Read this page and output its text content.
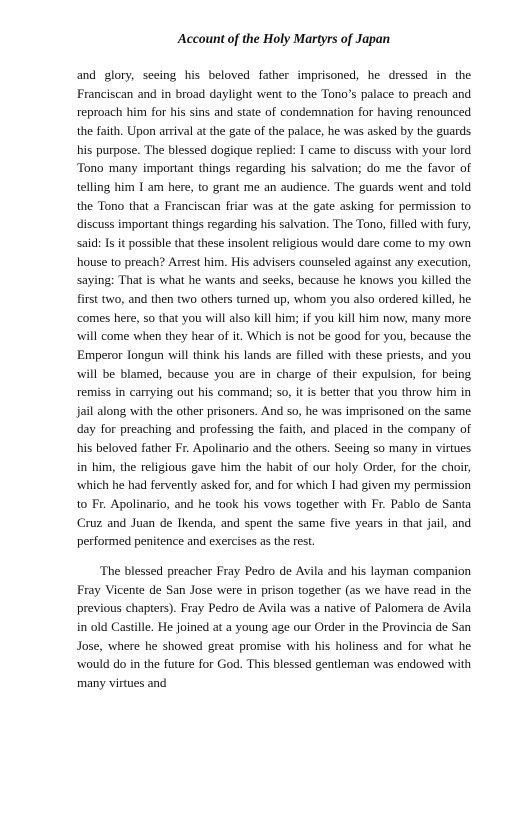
Account of the Holy Martyrs of Japan

and glory, seeing his beloved father imprisoned, he dressed in the Franciscan and in broad daylight went to the Tono’s palace to preach and reproach him for his sins and state of condemnation for having renounced the faith. Upon arrival at the gate of the palace, he was asked by the guards his purpose. The blessed dogique replied: I came to discuss with your lord Tono many important things regarding his salvation; do me the favor of telling him I am here, to grant me an audience. The guards went and told the Tono that a Franciscan friar was at the gate asking for permission to discuss important things regarding his salvation. The Tono, filled with fury, said: Is it possible that these insolent religious would dare come to my own house to preach? Arrest him. His advisers counseled against any execution, saying: That is what he wants and seeks, because he knows you killed the first two, and then two others turned up, whom you also ordered killed, he comes here, so that you will also kill him; if you kill him now, many more will come when they hear of it. Which is not be good for you, because the Emperor Iongun will think his lands are filled with these priests, and you will be blamed, because you are in charge of their expulsion, for being remiss in carrying out his command; so, it is better that you throw him in jail along with the other prisoners. And so, he was imprisoned on the same day for preaching and professing the faith, and placed in the company of his beloved father Fr. Apolinario and the others. Seeing so many in virtues in him, the religious gave him the habit of our holy Order, for the choir, which he had fervently asked for, and for which I had given my permission to Fr. Apolinario, and he took his vows together with Fr. Pablo de Santa Cruz and Juan de Ikenda, and spent the same five years in that jail, and performed penitence and exercises as the rest.

The blessed preacher Fray Pedro de Avila and his layman companion Fray Vicente de San Jose were in prison together (as we have read in the previous chapters). Fray Pedro de Avila was a native of Palomera de Avila in old Castille. He joined at a young age our Order in the Provincia de San Jose, where he showed great promise with his holiness and for what he would do in the future for God. This blessed gentleman was endowed with many virtues and
